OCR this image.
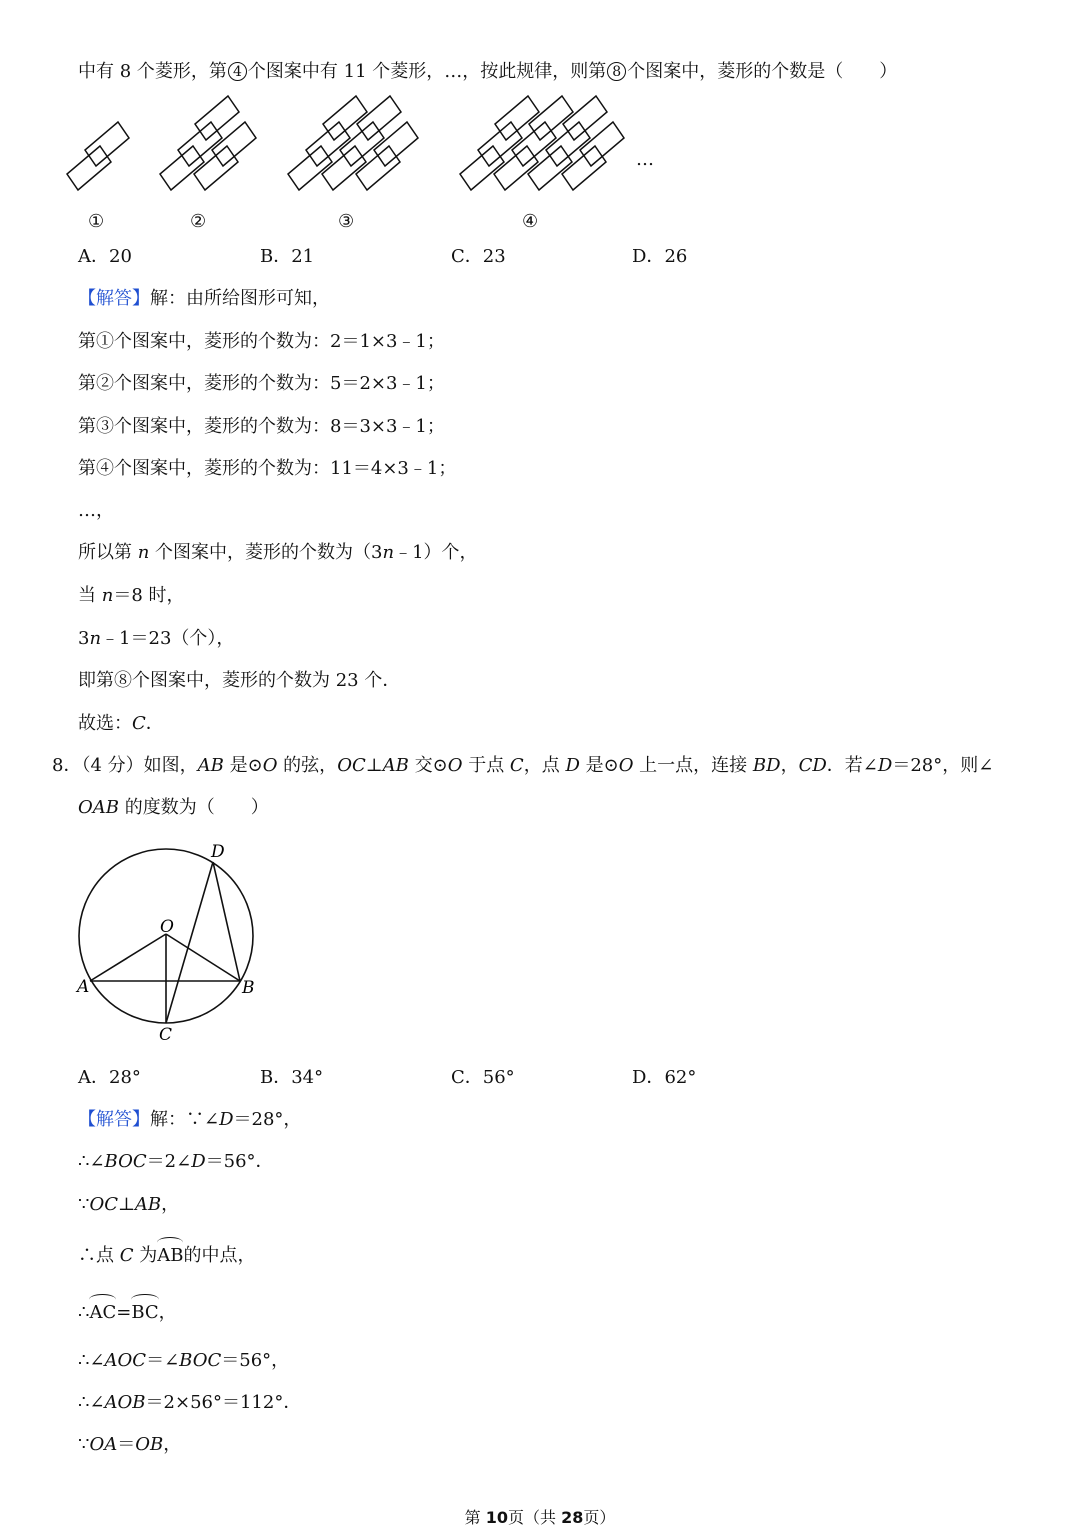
中有 8 个菱形，第 4 个图案中有 11 个菱形，…，按此规律，则第 8 个图案中，菱形的个数是（　　）
①	②	③	④
…
A．20	B．21	C．23	D．26
【解答】解：由所给图形可知，
第①个图案中，菱形的个数为：2＝1×3﹣1；
第②个图案中，菱形的个数为：5＝2×3﹣1；
第③个图案中，菱形的个数为：8＝3×3﹣1；
第④个图案中，菱形的个数为：11＝4×3﹣1；
…，
所以第 n 个图案中，菱形的个数为（3n﹣1）个，
当 n＝8 时，
3n﹣1＝23（个），
即第⑧个图案中，菱形的个数为 23 个．
故选：C．
8．（4 分）如图，AB 是⊙O 的弦，OC⊥AB 交⊙O 于点 C，点 D 是⊙O 上一点，连接 BD，CD．若∠D＝28°，则∠
OAB 的度数为（　　）
D
O
A	B
C
A．28°	B．34°	C．56°	D．62°
【解答】解：∵∠D＝28°，
∴∠BOC＝2∠D＝56°．
∵OC⊥AB，
∴点 C 为AB的中点，
∴AC=BC，
∴∠AOC＝∠BOC＝56°，
∴∠AOB＝2×56°＝112°．
∵OA＝OB，
第 10页（共 28页）
